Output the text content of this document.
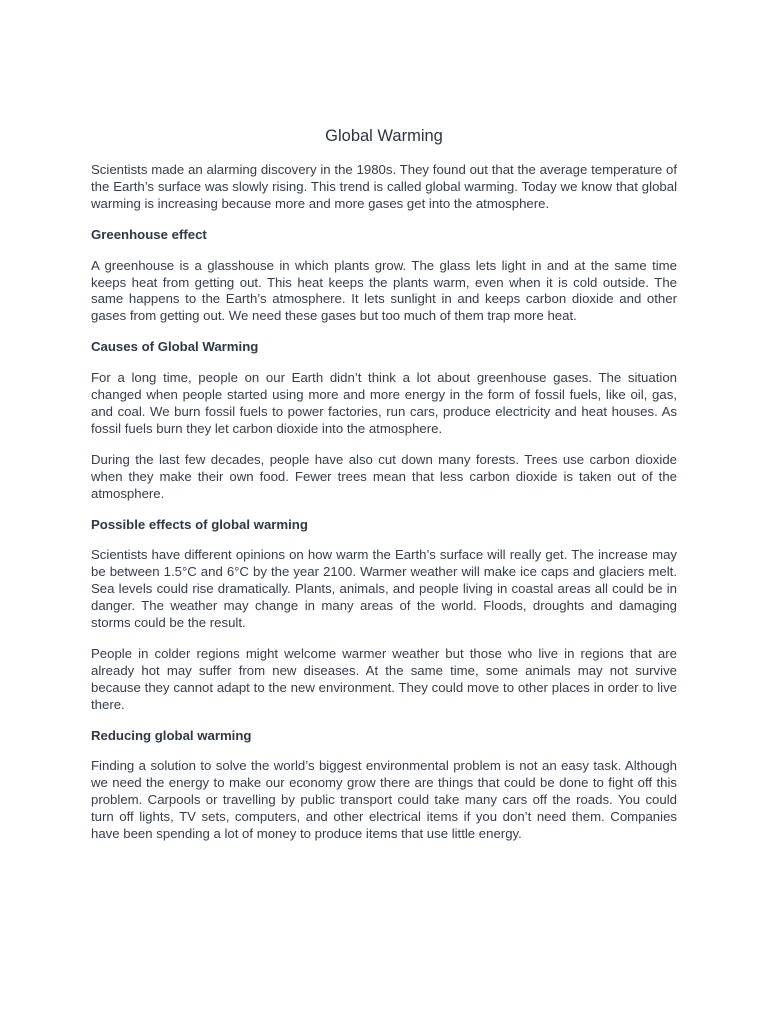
Global Warming

Scientists made an alarming discovery in the 1980s. They found out that the average temperature of the Earth’s surface was slowly rising. This trend is called global warming. Today we know that global warming is increasing because more and more gases get into the atmosphere.

Greenhouse effect

A greenhouse is a glasshouse in which plants grow. The glass lets light in and at the same time keeps heat from getting out. This heat keeps the plants warm, even when it is cold outside. The same happens to the Earth’s atmosphere. It lets sunlight in and keeps carbon dioxide and other gases from getting out. We need these gases but too much of them trap more heat.

Causes of Global Warming

For a long time, people on our Earth didn’t think a lot about greenhouse gases. The situation changed when people started using more and more energy in the form of fossil fuels, like oil, gas, and coal. We burn fossil fuels to power factories, run cars, produce electricity and heat houses. As fossil fuels burn they let carbon dioxide into the atmosphere.

During the last few decades, people have also cut down many forests. Trees use carbon dioxide when they make their own food. Fewer trees mean that less carbon dioxide is taken out of the atmosphere.

Possible effects of global warming

Scientists have different opinions on how warm the Earth’s surface will really get. The increase may be between 1.5°C and 6°C by the year 2100. Warmer weather will make ice caps and glaciers melt. Sea levels could rise dramatically. Plants, animals, and people living in coastal areas all could be in danger. The weather may change in many areas of the world. Floods, droughts and damaging storms could be the result.

People in colder regions might welcome warmer weather but those who live in regions that are already hot may suffer from new diseases. At the same time, some animals may not survive because they cannot adapt to the new environment. They could move to other places in order to live there.

Reducing global warming

Finding a solution to solve the world’s biggest environmental problem is not an easy task. Although we need the energy to make our economy grow there are things that could be done to fight off this problem. Carpools or travelling by public transport could take many cars off the roads. You could turn off lights, TV sets, computers, and other electrical items if you don’t need them. Companies have been spending a lot of money to produce items that use little energy.
